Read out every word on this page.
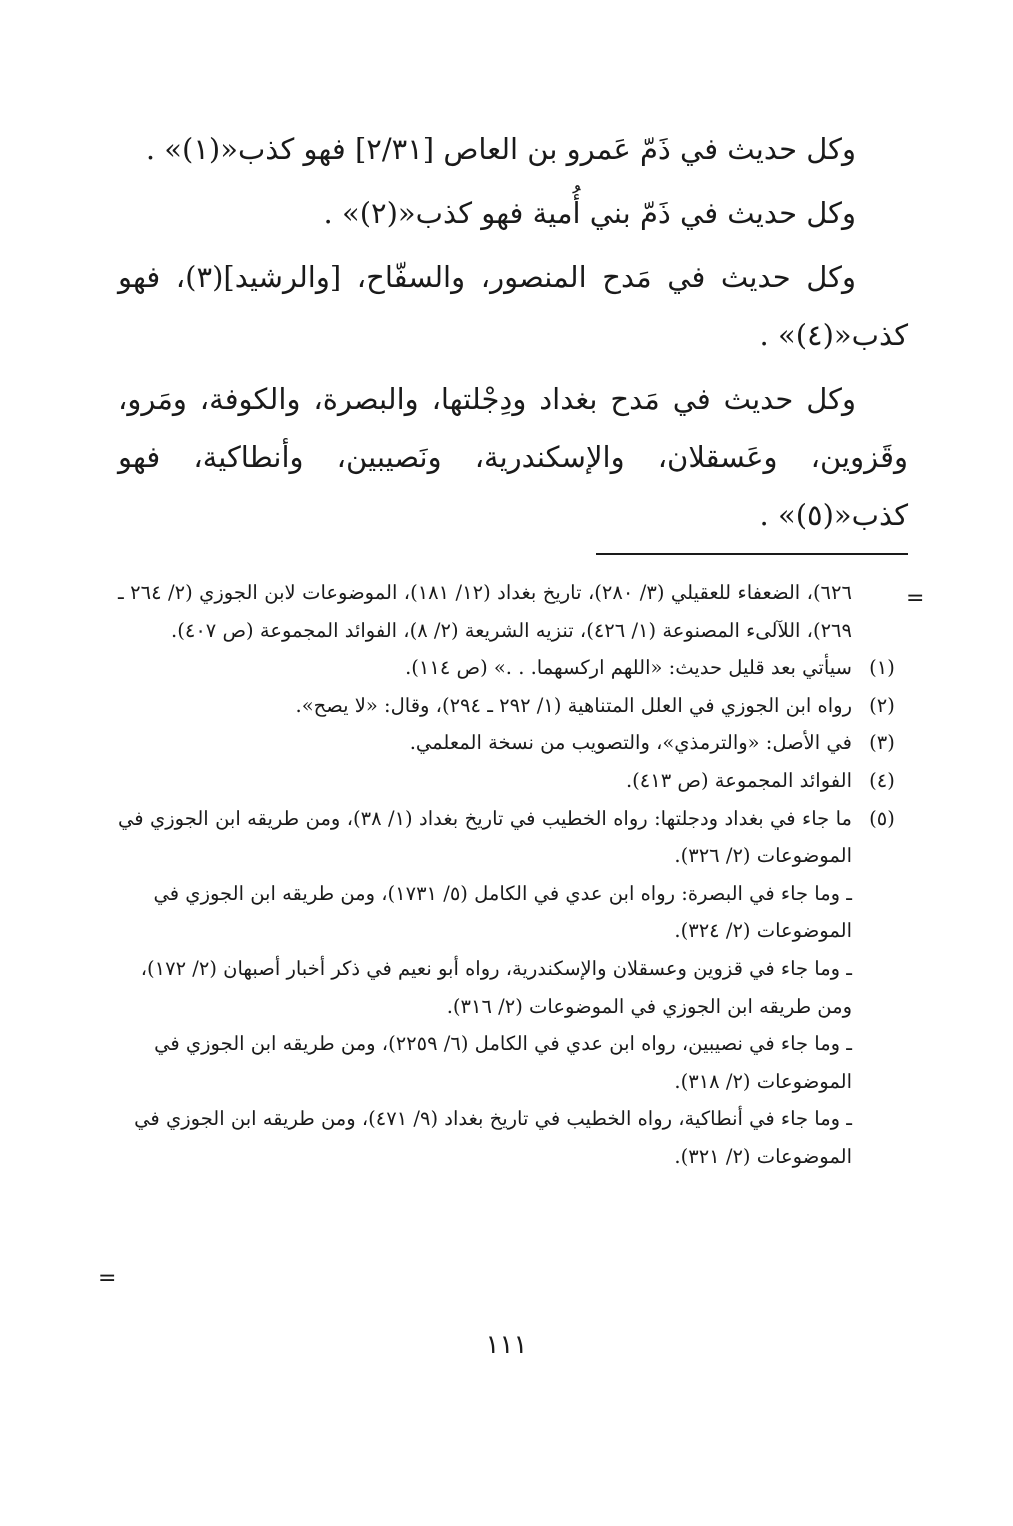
وكل حديث في ذَمّ عَمرو بن العاص [٢/٣١] فهو كذب«(١)» .

وكل حديث في ذَمّ بني أُمية فهو كذب«(٢)» .

وكل حديث في مَدح المنصور، والسفّاح، [والرشيد](٣)، فهو كذب«(٤)» .

وكل حديث في مَدح بغداد ودِجْلتها، والبصرة، والكوفة، ومَرو، وقَزوين، وعَسقلان، والإسكندرية، ونَصيبين، وأنطاكية، فهو كذب«(٥)» .

=

٦٢٦)، الضعفاء للعقيلي (٣/ ٢٨٠)، تاريخ بغداد (١٢/ ١٨١)، الموضوعات لابن الجوزي (٢/ ٢٦٤ ـ ٢٦٩)، اللآلىء المصنوعة (١/ ٤٢٦)، تنزيه الشريعة (٢/ ٨)، الفوائد المجموعة (ص ٤٠٧).

(١)
سيأتي بعد قليل حديث: «اللهم اركسهما. . .» (ص ١١٤).
(٢)
رواه ابن الجوزي في العلل المتناهية (١/ ٢٩٢ ـ ٢٩٤)، وقال: «لا يصح».
(٣)
في الأصل: «والترمذي»، والتصويب من نسخة المعلمي.
(٤)
الفوائد المجموعة (ص ٤١٣).
(٥)
ما جاء في بغداد ودجلتها: رواه الخطيب في تاريخ بغداد (١/ ٣٨)، ومن طريقه ابن الجوزي في الموضوعات (٢/ ٣٢٦).

ـ وما جاء في البصرة: رواه ابن عدي في الكامل (٥/ ١٧٣١)، ومن طريقه ابن الجوزي في الموضوعات (٢/ ٣٢٤).

ـ وما جاء في قزوين وعسقلان والإسكندرية، رواه أبو نعيم في ذكر أخبار أصبهان (٢/ ١٧٢)، ومن طريقه ابن الجوزي في الموضوعات (٢/ ٣١٦).

ـ وما جاء في نصيبين، رواه ابن عدي في الكامل (٦/ ٢٢٥٩)، ومن طريقه ابن الجوزي في الموضوعات (٢/ ٣١٨).

ـ وما جاء في أنطاكية، رواه الخطيب في تاريخ بغداد (٩/ ٤٧١)، ومن طريقه ابن الجوزي في الموضوعات (٢/ ٣٢١).

=
١١١
